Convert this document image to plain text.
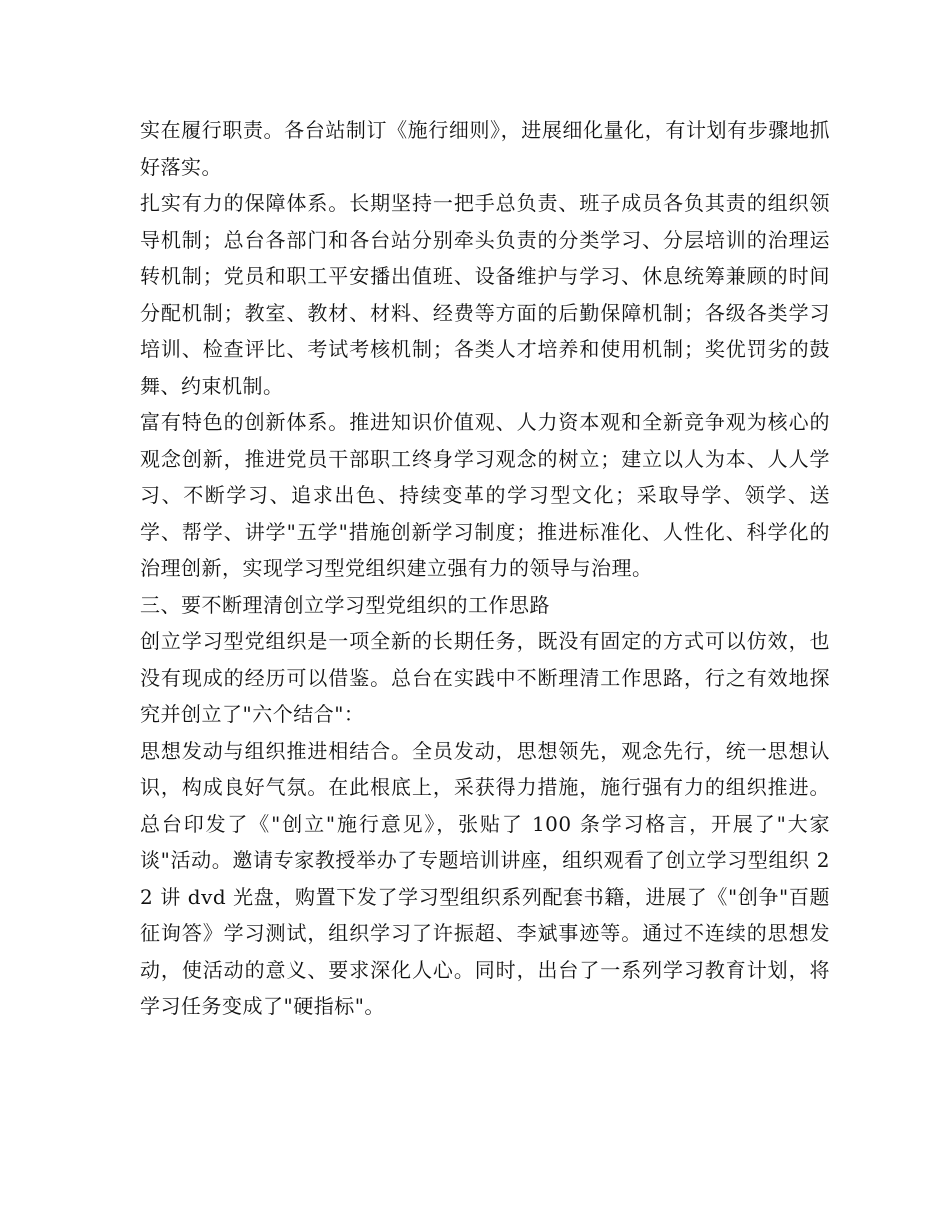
实在履行职责。各台站制订《施行细则》，进展细化量化，有计划有步骤地抓好落实。

扎实有力的保障体系。长期坚持一把手总负责、班子成员各负其责的组织领导机制；总台各部门和各台站分别牵头负责的分类学习、分层培训的治理运转机制；党员和职工平安播出值班、设备维护与学习、休息统筹兼顾的时间分配机制；教室、教材、材料、经费等方面的后勤保障机制；各级各类学习培训、检查评比、考试考核机制；各类人才培养和使用机制；奖优罚劣的鼓舞、约束机制。

富有特色的创新体系。推进知识价值观、人力资本观和全新竞争观为核心的观念创新，推进党员干部职工终身学习观念的树立；建立以人为本、人人学习、不断学习、追求出色、持续变革的学习型文化；采取导学、领学、送学、帮学、讲学"五学"措施创新学习制度；推进标准化、人性化、科学化的治理创新，实现学习型党组织建立强有力的领导与治理。

三、要不断理清创立学习型党组织的工作思路

创立学习型党组织是一项全新的长期任务，既没有固定的方式可以仿效，也没有现成的经历可以借鉴。总台在实践中不断理清工作思路，行之有效地探究并创立了"六个结合"：

思想发动与组织推进相结合。全员发动，思想领先，观念先行，统一思想认识，构成良好气氛。在此根底上，采获得力措施，施行强有力的组织推进。总台印发了《"创立"施行意见》，张贴了 100 条学习格言，开展了"大家谈"活动。邀请专家教授举办了专题培训讲座，组织观看了创立学习型组织 22 讲 dvd 光盘，购置下发了学习型组织系列配套书籍，进展了《"创争"百题征询答》学习测试，组织学习了许振超、李斌事迹等。通过不连续的思想发动，使活动的意义、要求深化人心。同时，出台了一系列学习教育计划，将学习任务变成了"硬指标"。
